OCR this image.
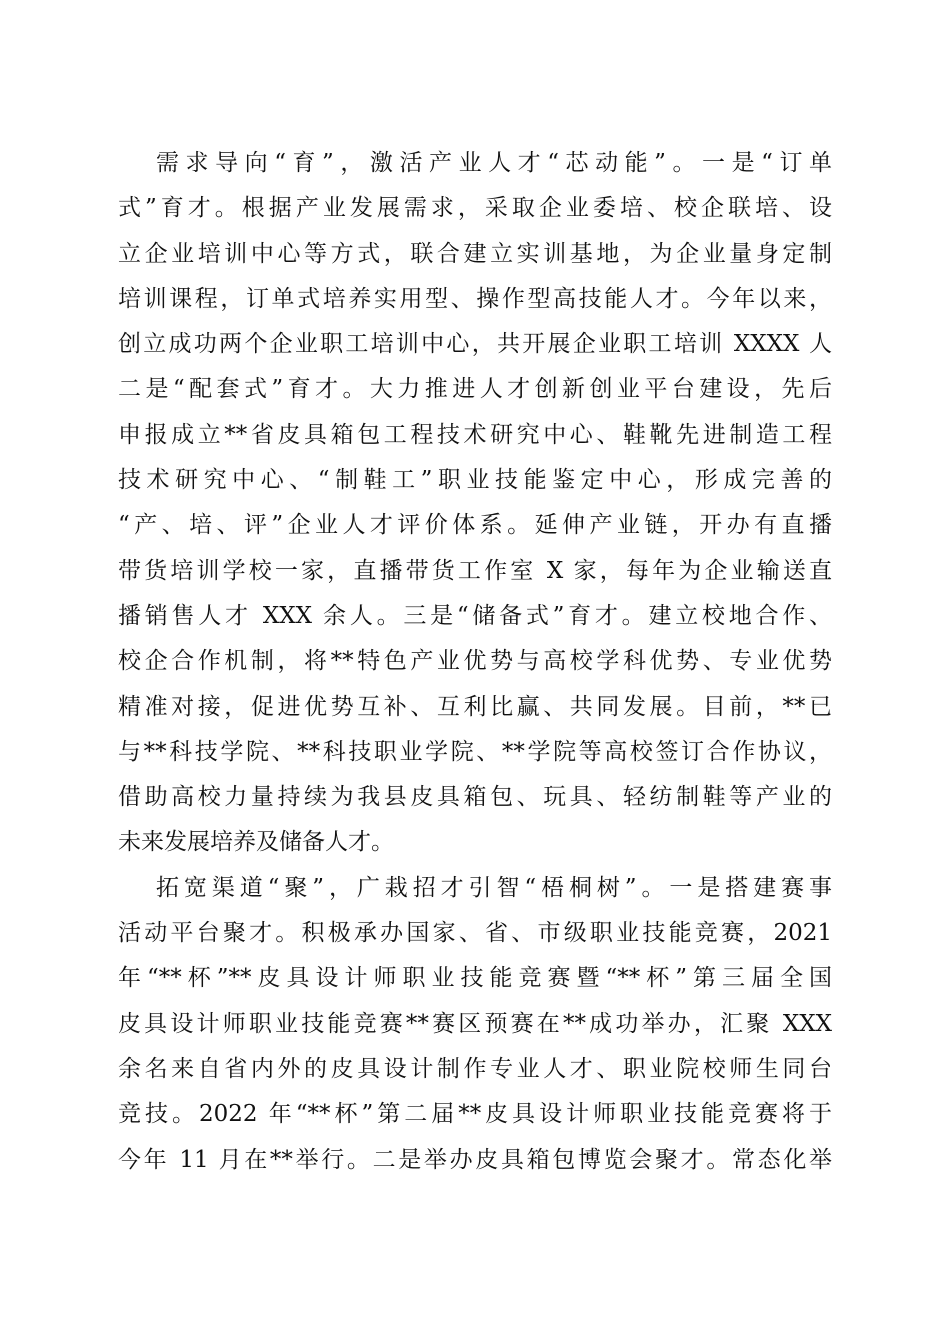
需求导向“育”，激活产业人才“芯动能”。一是“订单
式”育才。根据产业发展需求，采取企业委培、校企联培、设
立企业培训中心等方式，联合建立实训基地，为企业量身定制
培训课程，订单式培养实用型、操作型高技能人才。今年以来，
创立成功两个企业职工培训中心，共开展企业职工培训 XXXX 人
二是“配套式”育才。大力推进人才创新创业平台建设，先后
申报成立**省皮具箱包工程技术研究中心、鞋靴先进制造工程
技术研究中心、“制鞋工”职业技能鉴定中心，形成完善的
“产、培、评”企业人才评价体系。延伸产业链，开办有直播
带货培训学校一家，直播带货工作室 X 家，每年为企业输送直
播销售人才 XXX 余人。三是“储备式”育才。建立校地合作、
校企合作机制，将**特色产业优势与高校学科优势、专业优势
精准对接，促进优势互补、互利比赢、共同发展。目前，**已
与**科技学院、**科技职业学院、**学院等高校签订合作协议，
借助高校力量持续为我县皮具箱包、玩具、轻纺制鞋等产业的
未来发展培养及储备人才。
拓宽渠道“聚”，广栽招才引智“梧桐树”。一是搭建赛事
活动平台聚才。积极承办国家、省、市级职业技能竞赛，2021
年“**杯”**皮具设计师职业技能竞赛暨“**杯”第三届全国
皮具设计师职业技能竞赛**赛区预赛在**成功举办，汇聚 XXX
余名来自省内外的皮具设计制作专业人才、职业院校师生同台
竞技。2022 年“**杯”第二届**皮具设计师职业技能竞赛将于
今年 11 月在**举行。二是举办皮具箱包博览会聚才。常态化举
